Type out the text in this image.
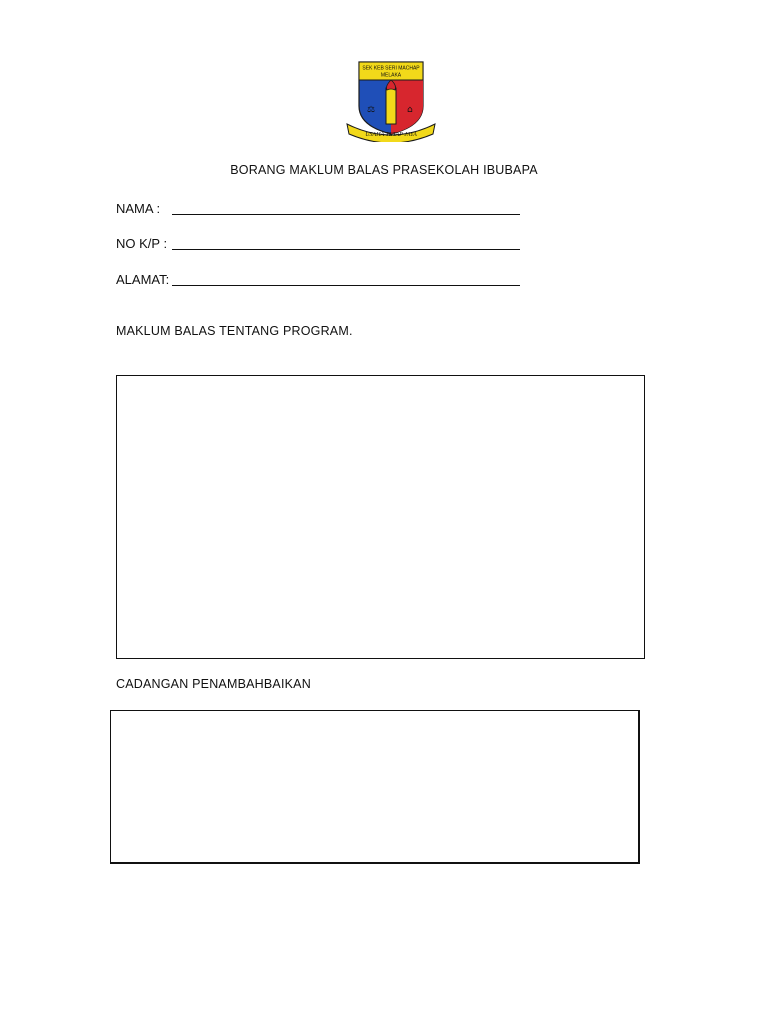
SEK KEB SERI MACHAP
MELAKA
⚖	⌂
USAHA TETAP JAYA
BORANG MAKLUM BALAS PRASEKOLAH IBUBAPA
NAMA :
NO K/P :
ALAMAT:
MAKLUM BALAS TENTANG PROGRAM.
CADANGAN PENAMBAHBAIKAN
